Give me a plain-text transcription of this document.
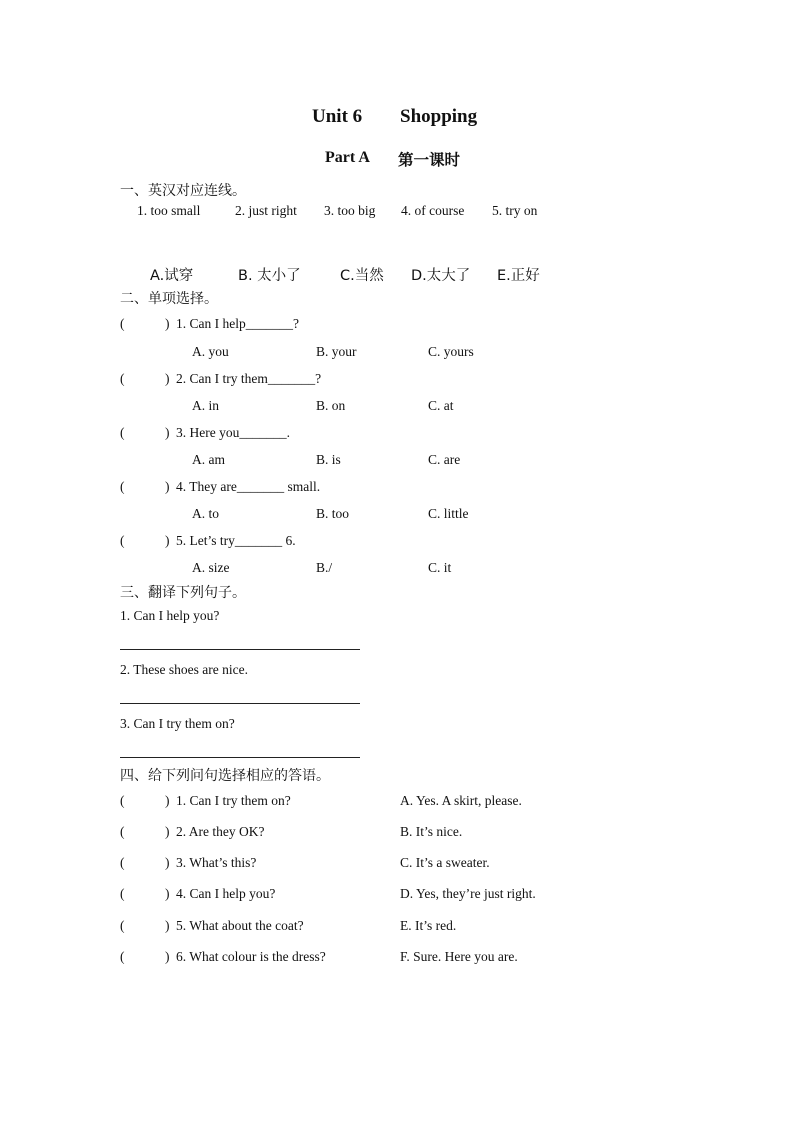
Unit 6 Shopping
Part A 第一课时
一、英汉对应连线。
1. too small	2. just right 3. too big 4. of course 5. try on
A.试穿	B. 太小了	C.当然 D.太大了 E.正好
二、单项选择。
(	) 1. Can I help_______?
A. you	B. your	C. yours
(	) 2. Can I try them_______?
A. in	B. on	C. at
(	) 3. Here you_______.
A. am	B. is	C. are
(	) 4. They are_______ small.
A. to	B. too	C. little
(	) 5. Let’s try_______ 6.
A. size	B./	C. it
三、翻译下列句子。
1. Can I help you?
2. These shoes are nice.
3. Can I try them on?
四、给下列问句选择相应的答语。
(	) 1. Can I try them on?	A. Yes. A skirt, please.
(	) 2. Are they OK?	B. It’s nice.
(	) 3. What’s this?	C. It’s a sweater.
(	) 4. Can I help you?	D. Yes, they’re just right.
(	) 5. What about the coat?	E. It’s red.
(	) 6. What colour is the dress?	F. Sure. Here you are.
